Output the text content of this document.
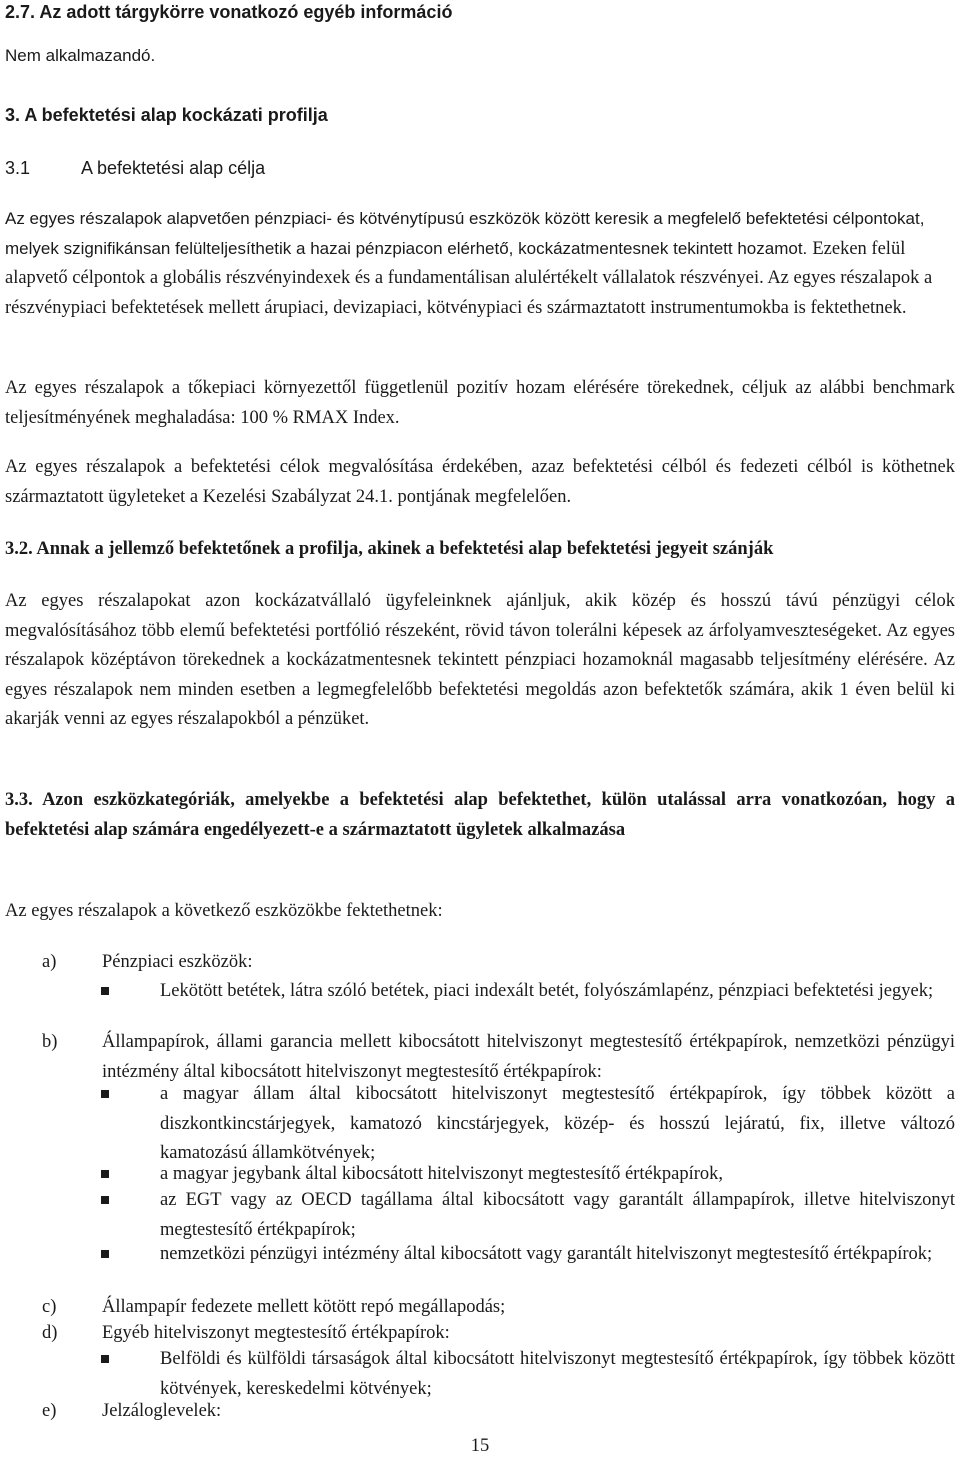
2.7. Az adott tárgykörre vonatkozó egyéb információ

Nem alkalmazandó.

3. A befektetési alap kockázati profilja
3.1	A befektetési alap célja
Az egyes részalapok alapvetően pénzpiaci- és kötvénytípusú eszközök között keresik a megfelelő befektetési célpontokat, melyek szignifikánsan felülteljesíthetik a hazai pénzpiacon elérhető, kockázatmentesnek tekintett hozamot. Ezeken felül alapvető célpontok a globális részvényindexek és a fundamentálisan alulértékelt vállalatok részvényei. Az egyes részalapok a részvénypiaci befektetések mellett árupiaci, devizapiaci, kötvénypiaci és származtatott instrumentumokba is fektethetnek.

Az egyes részalapok a tőkepiaci környezettől függetlenül pozitív hozam elérésére törekednek, céljuk az alábbi benchmark teljesítményének meghaladása: 100 % RMAX Index.

Az egyes részalapok a befektetési célok megvalósítása érdekében, azaz befektetési célból és fedezeti célból is köthetnek származtatott ügyleteket a Kezelési Szabályzat 24.1. pontjának megfelelően.

3.2. Annak a jellemző befektetőnek a profilja, akinek a befektetési alap befektetési jegyeit szánják

Az egyes részalapokat azon kockázatvállaló ügyfeleinknek ajánljuk, akik közép és hosszú távú pénzügyi célok megvalósításához több elemű befektetési portfólió részeként, rövid távon tolerálni képesek az árfolyamveszteségeket. Az egyes részalapok középtávon törekednek a kockázatmentesnek tekintett pénzpiaci hozamoknál magasabb teljesítmény elérésére. Az egyes részalapok nem minden esetben a legmegfelelőbb befektetési megoldás azon befektetők számára, akik 1 éven belül ki akarják venni az egyes részalapokból a pénzüket.

3.3. Azon eszközkategóriák, amelyekbe a befektetési alap befektethet, külön utalással arra vonatkozóan, hogy a befektetési alap számára engedélyezett-e a származtatott ügyletek alkalmazása

Az egyes részalapok a következő eszközökbe fektethetnek:

a) Pénzpiaci eszközök:
Lekötött betétek, látra szóló betétek, piaci indexált betét, folyószámlapénz, pénzpiaci befektetési jegyek;
b) Állampapírok, állami garancia mellett kibocsátott hitelviszonyt megtestesítő értékpapírok, nemzetközi pénzügyi intézmény által kibocsátott hitelviszonyt megtestesítő értékpapírok:
a magyar állam által kibocsátott hitelviszonyt megtestesítő értékpapírok, így többek között a diszkontkincstárjegyek, kamatozó kincstárjegyek, közép- és hosszú lejáratú, fix, illetve változó kamatozású államkötvények;
a magyar jegybank által kibocsátott hitelviszonyt megtestesítő értékpapírok,
az EGT vagy az OECD tagállama által kibocsátott vagy garantált állampapírok, illetve hitelviszonyt megtestesítő értékpapírok;
nemzetközi pénzügyi intézmény által kibocsátott vagy garantált hitelviszonyt megtestesítő értékpapírok;
c) Állampapír fedezete mellett kötött repó megállapodás;
d) Egyéb hitelviszonyt megtestesítő értékpapírok:
Belföldi és külföldi társaságok által kibocsátott hitelviszonyt megtestesítő értékpapírok, így többek között kötvények, kereskedelmi kötvények;
e) Jelzáloglevelek:
15
